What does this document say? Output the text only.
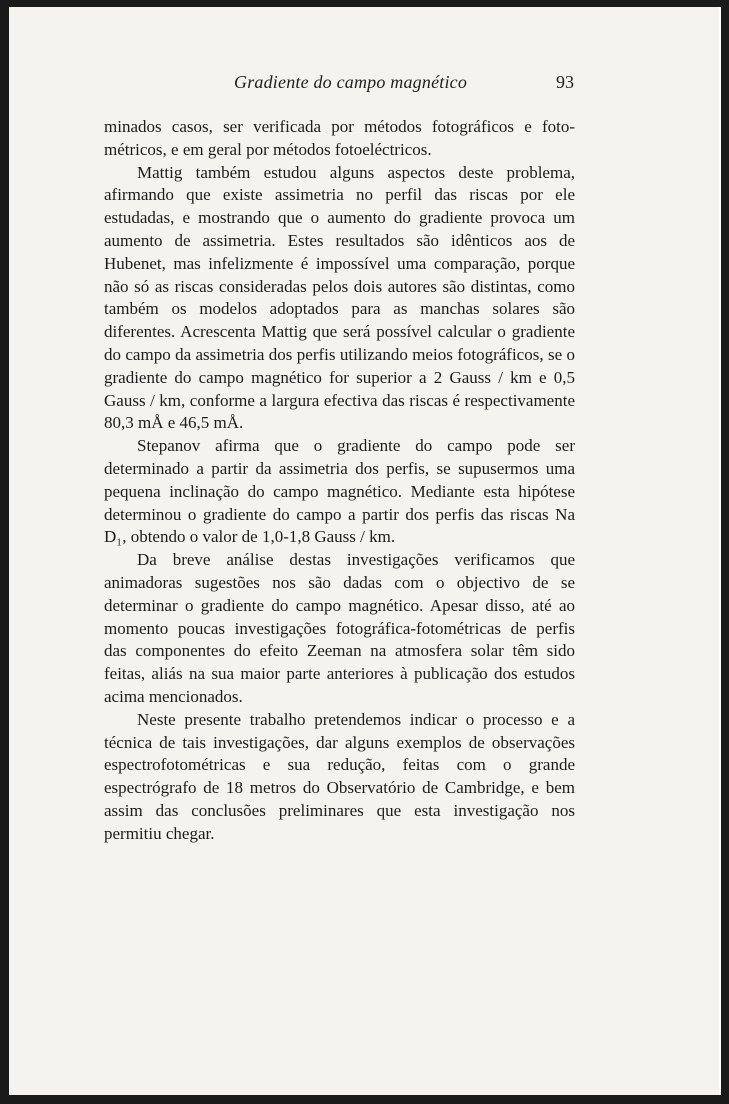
Gradiente do campo magnético	93

minados casos, ser verificada por métodos fotográficos e foto-métricos, e em geral por métodos fotoeléctricos.

Mattig também estudou alguns aspectos deste problema, afirmando que existe assimetria no perfil das riscas por ele estudadas, e mostrando que o aumento do gradiente provoca um aumento de assimetria. Estes resultados são idênticos aos de Hubenet, mas infelizmente é impossível uma comparação, porque não só as riscas consideradas pelos dois autores são distintas, como também os modelos adoptados para as manchas solares são diferentes. Acrescenta Mattig que será possível calcular o gradiente do campo da assimetria dos perfis utilizando meios fotográficos, se o gradiente do campo magnético for superior a 2 Gauss / km e 0,5 Gauss / km, conforme a largura efectiva das riscas é respectivamente 80,3 mÅ e 46,5 mÅ.

Stepanov afirma que o gradiente do campo pode ser determinado a partir da assimetria dos perfis, se supusermos uma pequena inclinação do campo magnético. Mediante esta hipótese determinou o gradiente do campo a partir dos perfis das riscas Na D₁, obtendo o valor de 1,0-1,8 Gauss / km.

Da breve análise destas investigações verificamos que animadoras sugestões nos são dadas com o objectivo de se determinar o gradiente do campo magnético. Apesar disso, até ao momento poucas investigações fotográfica-fotométricas de perfis das componentes do efeito Zeeman na atmosfera solar têm sido feitas, aliás na sua maior parte anteriores à publicação dos estudos acima mencionados.

Neste presente trabalho pretendemos indicar o processo e a técnica de tais investigações, dar alguns exemplos de observações espectrofotométricas e sua redução, feitas com o grande espectrógrafo de 18 metros do Observatório de Cambridge, e bem assim das conclusões preliminares que esta investigação nos permitiu chegar.
